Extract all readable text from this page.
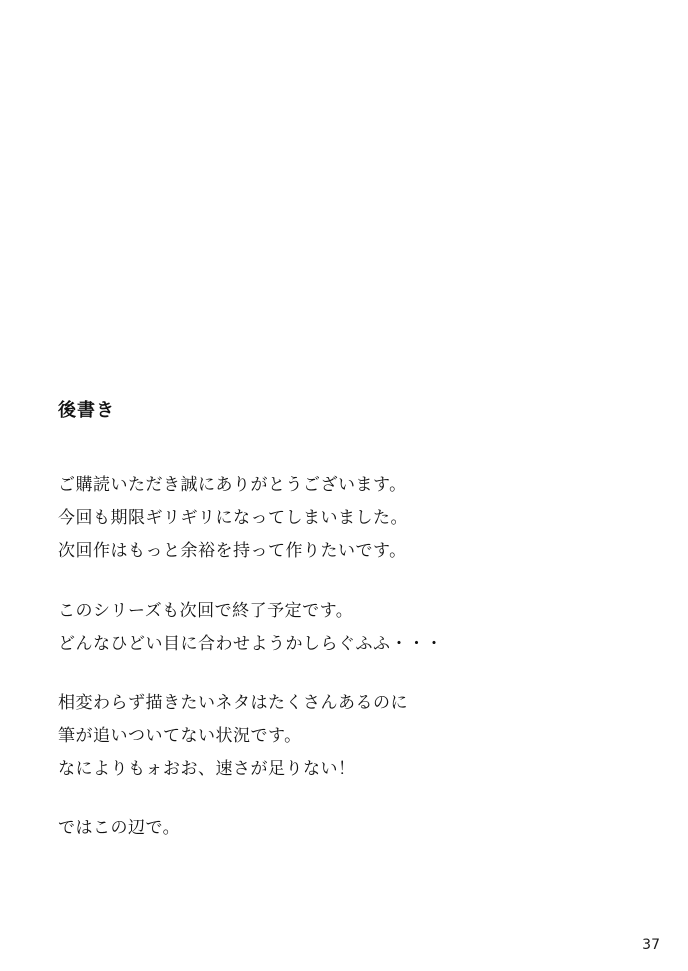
後書き

ご購読いただき誠にありがとうございます。
今回も期限ギリギリになってしまいました。
次回作はもっと余裕を持って作りたいです。

このシリーズも次回で終了予定です。
どんなひどい目に合わせようかしらぐふふ・・・

相変わらず描きたいネタはたくさんあるのに
筆が追いついてない状況です。
なによりもォおお、速さが足りない！

ではこの辺で。

37
